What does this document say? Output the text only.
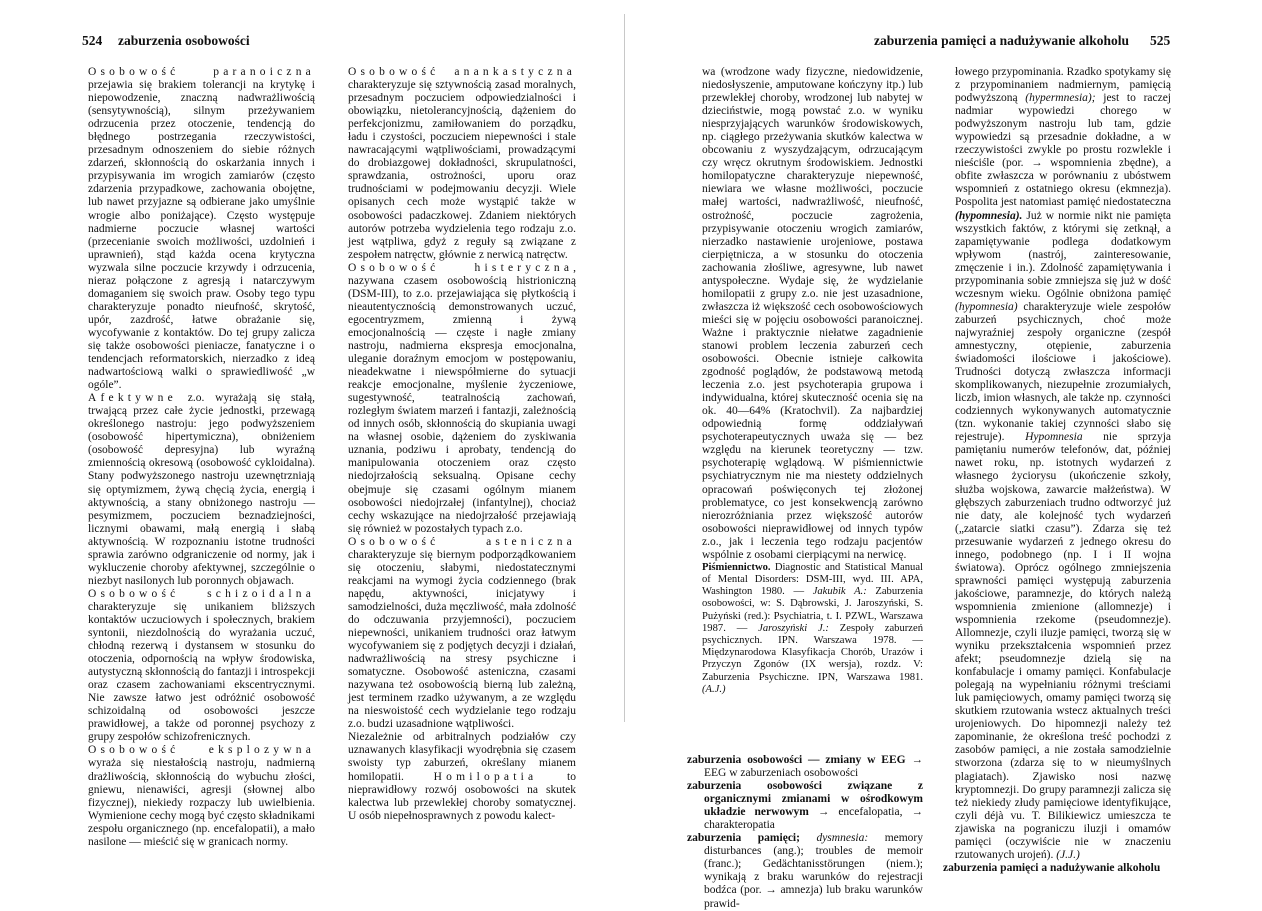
524 zaburzenia osobowości	zaburzenia pamięci a nadużywanie alkoholu 525

Osobowość paranoiczna przejawia się brakiem tolerancji na krytykę i niepowodzenie, znaczną nadwrażliwością (sensytywnością), silnym przeżywaniem odrzucenia przez otoczenie, tendencją do błędnego postrzegania rzeczywistości, przesadnym odnoszeniem do siebie różnych zdarzeń, skłonnością do oskarżania innych i przypisywania im wrogich zamiarów (często zdarzenia przypadkowe, zachowania obojętne, lub nawet przyjazne są odbierane jako umyślnie wrogie albo poniżające). Często występuje nadmierne poczucie własnej wartości (przecenianie swoich możliwości, uzdolnień i uprawnień), stąd każda ocena krytyczna wyzwala silne poczucie krzywdy i odrzucenia, nieraz połączone z agresją i natarczywym domaganiem się swoich praw. Osoby tego typu charakteryzuje ponadto nieufność, skrytość, upór, zazdrość, łatwe obrażanie się, wycofywanie z kontaktów. Do tej grupy zalicza się także osobowości pieniacze, fanatyczne i o tendencjach reformatorskich, nierzadko z ideą nadwartościową walki o sprawiedliwość „w ogóle”.

Afektywne z.o. wyrażają się stałą, trwającą przez całe życie jednostki, przewagą określonego nastroju: jego podwyższeniem (osobowość hipertymiczna), obniżeniem (osobowość depresyjna) lub wyraźną zmiennością okresową (osobowość cykloidalna). Stany podwyższonego nastroju uzewnętrzniają się optymizmem, żywą chęcią życia, energią i aktywnością, a stany obniżonego nastroju — pesymizmem, poczuciem beznadziejności, licznymi obawami, małą energią i słabą aktywnością. W rozpoznaniu istotne trudności sprawia zarówno odgraniczenie od normy, jak i wykluczenie choroby afektywnej, szczególnie o niezbyt nasilonych lub poronnych objawach.

Osobowość schizoidalna charakteryzuje się unikaniem bliższych kontaktów uczuciowych i społecznych, brakiem syntonii, niezdolnością do wyrażania uczuć, chłodną rezerwą i dystansem w stosunku do otoczenia, odpornością na wpływ środowiska, autystyczną skłonnością do fantazji i introspekcji oraz czasem zachowaniami ekscentrycznymi. Nie zawsze łatwo jest odróżnić osobowość schizoidalną od osobowości jeszcze prawidłowej, a także od poronnej psychozy z grupy zespołów schizofrenicznych.

Osobowość eksplozywna wyraża się niestałością nastroju, nadmierną drażliwością, skłonnością do wybuchu złości, gniewu, nienawiści, agresji (słownej albo fizycznej), niekiedy rozpaczy lub uwielbienia. Wymienione cechy mogą być często składnikami zespołu organicznego (np. encefalopatii), a mało nasilone — mieścić się w granicach normy.

Osobowość anankastyczna charakteryzuje się sztywnością zasad moralnych, przesadnym poczuciem odpowiedzialności i obowiązku, nietolerancyjnością, dążeniem do perfekcjonizmu, zamiłowaniem do porządku, ładu i czystości, poczuciem niepewności i stale nawracającymi wątpliwościami, prowadzącymi do drobiazgowej dokładności, skrupulatności, sprawdzania, ostrożności, uporu oraz trudnościami w podejmowaniu decyzji. Wiele opisanych cech może wystąpić także w osobowości padaczkowej. Zdaniem niektórych autorów potrzeba wydzielenia tego rodzaju z.o. jest wątpliwa, gdyż z reguły są związane z zespołem natręctw, głównie z nerwicą natręctw.

Osobowość histeryczna, nazywana czasem osobowością histrioniczną (DSM-III), to z.o. przejawiająca się płytkością i nieautentycznością demonstrowanych uczuć, egocentryzmem, zmienną i żywą emocjonalnością — częste i nagłe zmiany nastroju, nadmierna ekspresja emocjonalna, uleganie doraźnym emocjom w postępowaniu, nieadekwatne i niewspółmierne do sytuacji reakcje emocjonalne, myślenie życzeniowe, sugestywność, teatralnością zachowań, rozległym światem marzeń i fantazji, zależnością od innych osób, skłonnością do skupiania uwagi na własnej osobie, dążeniem do zyskiwania uznania, podziwu i aprobaty, tendencją do manipulowania otoczeniem oraz często niedojrzałością seksualną. Opisane cechy obejmuje się czasami ogólnym mianem osobowości niedojrzałej (infantylnej), chociaż cechy wskazujące na niedojrzałość przejawiają się również w pozostałych typach z.o.

Osobowość asteniczna charakteryzuje się biernym podporządkowaniem się otoczeniu, słabymi, niedostatecznymi reakcjami na wymogi życia codziennego (brak napędu, aktywności, inicjatywy i samodzielności, duża męczliwość, mała zdolność do odczuwania przyjemności), poczuciem niepewności, unikaniem trudności oraz łatwym wycofywaniem się z podjętych decyzji i działań, nadwrażliwością na stresy psychiczne i somatyczne. Osobowość asteniczna, czasami nazywana też osobowością bierną lub zależną, jest terminem rzadko używanym, a ze względu na nieswoistość cech wydzielanie tego rodzaju z.o. budzi uzasadnione wątpliwości.

Niezależnie od arbitralnych podziałów czy uznawanych klasyfikacji wyodrębnia się czasem swoisty typ zaburzeń, określany mianem homilopatii. Homilopatia to nieprawidłowy rozwój osobowości na skutek kalectwa lub przewlekłej choroby somatycznej. U osób niepełnosprawnych z powodu kalect-

wa (wrodzone wady fizyczne, niedowidzenie, niedosłyszenie, amputowane kończyny itp.) lub przewlekłej choroby, wrodzonej lub nabytej w dzieciństwie, mogą powstać z.o. w wyniku niesprzyjających warunków środowiskowych, np. ciągłego przeżywania skutków kalectwa w obcowaniu z wyszydzającym, odrzucającym czy wręcz okrutnym środowiskiem. Jednostki homilopatyczne charakteryzuje niepewność, niewiara we własne możliwości, poczucie małej wartości, nadwrażliwość, nieufność, ostrożność, poczucie zagrożenia, przypisywanie otoczeniu wrogich zamiarów, nierzadko nastawienie urojeniowe, postawa cierpiętnicza, a w stosunku do otoczenia zachowania złośliwe, agresywne, lub nawet antyspołeczne. Wydaje się, że wydzielanie homilopatii z grupy z.o. nie jest uzasadnione, zwłaszcza iż większość cech osobowościowych mieści się w pojęciu osobowości paranoicznej. Ważne i praktycznie niełatwe zagadnienie stanowi problem leczenia zaburzeń cech osobowości. Obecnie istnieje całkowita zgodność poglądów, że podstawową metodą leczenia z.o. jest psychoterapia grupowa i indywidualna, której skuteczność ocenia się na ok. 40—64% (Kratochvil). Za najbardziej odpowiednią formę oddziaływań psychoterapeutycznych uważa się — bez względu na kierunek teoretyczny — tzw. psychoterapię wglądową. W piśmiennictwie psychiatrycznym nie ma niestety oddzielnych opracowań poświęconych tej złożonej problematyce, co jest konsekwencją zarówno nierozróżniania przez większość autorów osobowości nieprawidłowej od innych typów z.o., jak i leczenia tego rodzaju pacjentów wspólnie z osobami cierpiącymi na nerwicę.

Piśmiennictwo. Diagnostic and Statistical Manual of Mental Disorders: DSM-III, wyd. III. APA, Washington 1980. — Jakubik A.: Zaburzenia osobowości, w: S. Dąbrowski, J. Jaroszyński, S. Pużyński (red.): Psychiatria, t. I. PZWL, Warszawa 1987. — Jaroszyński J.: Zespoły zaburzeń psychicznych. IPN. Warszawa 1978. — Międzynarodowa Klasyfikacja Chorób, Urazów i Przyczyn Zgonów (IX wersja), rozdz. V: Zaburzenia Psychiczne. IPN, Warszawa 1981. (A.J.)

zaburzenia osobowości — zmiany w EEG → EEG w zaburzeniach osobowości

zaburzenia osobowości związane z organicznymi zmianami w ośrodkowym układzie nerwowym → encefalopatia, → charakteropatia

zaburzenia pamięci; dysmnesia: memory disturbances (ang.); troubles de memoir (franc.); Gedächtanisstörungen (niem.); wynikają z braku warunków do rejestracji bodźca (por. → amnezja) lub braku warunków prawid-

łowego przypominania. Rzadko spotykamy się z przypominaniem nadmiernym, pamięcią podwyższoną (hypermnesia); jest to raczej nadmiar wypowiedzi chorego w podwyższonym nastroju lub tam, gdzie wypowiedzi są przesadnie dokładne, a w rzeczywistości zwykle po prostu rozwlekle i nieściśle (por. → wspomnienia zbędne), a obfite zwłaszcza w porównaniu z ubóstwem wspomnień z ostatniego okresu (ekmnezja). Pospolita jest natomiast pamięć niedostateczna (hypomnesia). Już w normie nikt nie pamięta wszystkich faktów, z którymi się zetknął, a zapamiętywanie podlega dodatkowym wpływom (nastrój, zainteresowanie, zmęczenie i in.). Zdolność zapamiętywania i przypominania sobie zmniejsza się już w dość wczesnym wieku. Ogólnie obniżona pamięć (hypomnesia) charakteryzuje wiele zespołów zaburzeń psychicznych, choć może najwyraźniej zespoły organiczne (zespół amnestyczny, otępienie, zaburzenia świadomości ilościowe i jakościowe). Trudności dotyczą zwłaszcza informacji skomplikowanych, niezupełnie zrozumiałych, liczb, imion własnych, ale także np. czynności codziennych wykonywanych automatycznie (tzn. wykonanie takiej czynności słabo się rejestruje). Hypomnesia nie sprzyja pamiętaniu numerów telefonów, dat, później nawet roku, np. istotnych wydarzeń z własnego życiorysu (ukończenie szkoły, służba wojskowa, zawarcie małżeństwa). W głębszych zaburzeniach trudno odtworzyć już nie daty, ale kolejność tych wydarzeń („zatarcie siatki czasu”). Zdarza się też przesuwanie wydarzeń z jednego okresu do innego, podobnego (np. I i II wojna światowa). Oprócz ogólnego zmniejszenia sprawności pamięci występują zaburzenia jakościowe, paramnezje, do których należą wspomnienia zmienione (allomnezje) i wspomnienia rzekome (pseudomnezje). Allomnezje, czyli iluzje pamięci, tworzą się w wyniku przekształcenia wspomnień przez afekt; pseudomnezje dzielą się na konfabulacje i omamy pamięci. Konfabulacje polegają na wypełnianiu różnymi treściami luk pamięciowych, omamy pamięci tworzą się skutkiem rzutowania wstecz aktualnych treści urojeniowych. Do hipomnezji należy też zapominanie, że określona treść pochodzi z zasobów pamięci, a nie została samodzielnie stworzona (zdarza się to w nieumyślnych plagiatach). Zjawisko nosi nazwę kryptomnezji. Do grupy paramnezji zalicza się też niekiedy złudy pamięciowe identyfikujące, czyli déjà vu. T. Bilikiewicz umieszcza te zjawiska na pograniczu iluzji i omamów pamięci (oczywiście nie w znaczeniu rzutowanych urojeń). (J.J.)

zaburzenia pamięci a nadużywanie alkoholu
